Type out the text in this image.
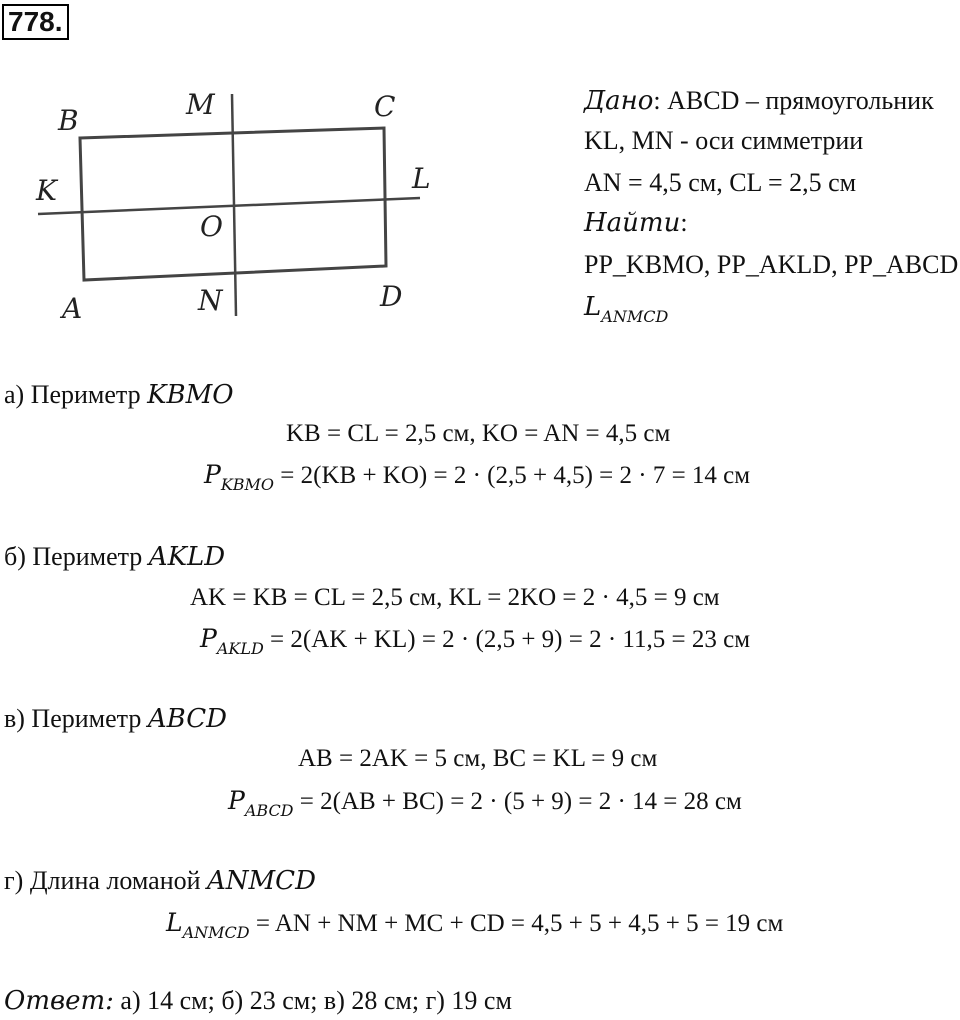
778.
B	M	C
K	L
O
A	N	D
Дано: ABCD – прямоугольник
KL, MN - оси симметрии
AN = 4,5 см, CL = 2,5 см
Найти:
PP_KBMO, PP_AKLD, PP_ABCD
$L_{ANMCD}$
а) Периметр KBMO
KB = CL = 2,5 см, KO = AN = 4,5 см
$P_{KBMO} = 2(KB + KO) = 2 \cdot (2,5 + 4,5) = 2 \cdot 7 = 14$ см
б) Периметр AKLD
AK = KB = CL = 2,5 см, KL = 2KO = 2 · 4,5 = 9 см
$P_{AKLD} = 2(AK + KL) = 2 \cdot (2,5 + 9) = 2 \cdot 11,5 = 23$ см
в) Периметр ABCD
AB = 2AK = 5 см, BC = KL = 9 см
$P_{ABCD} = 2(AB + BC) = 2 \cdot (5 + 9) = 2 \cdot 14 = 28$ см
г) Длина ломаной ANMCD
$L_{ANMCD}$ = AN + NM + MC + CD = 4,5 + 5 + 4,5 + 5 = 19 см
Ответ: а) 14 см; б) 23 см; в) 28 см; г) 19 см
